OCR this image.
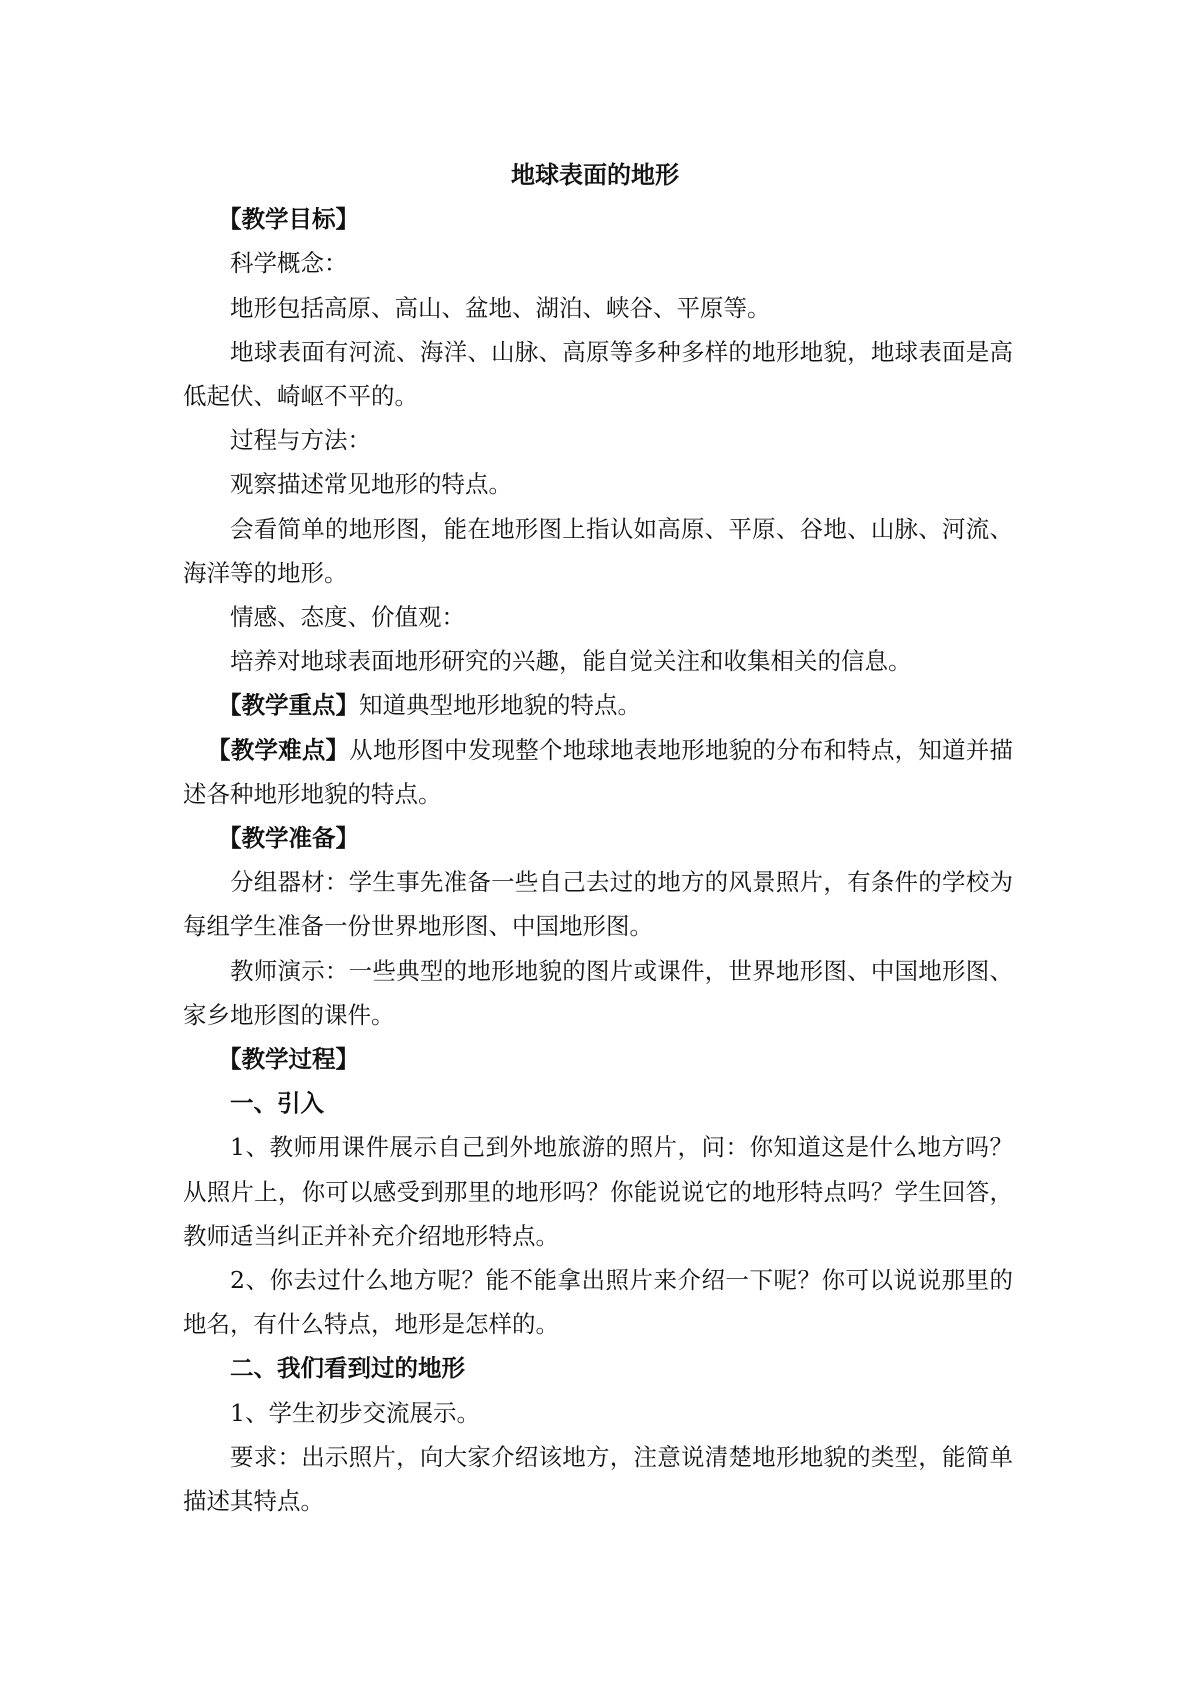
地球表面的地形

【教学目标】

科学概念：

地形包括高原、高山、盆地、湖泊、峡谷、平原等。

地球表面有河流、海洋、山脉、高原等多种多样的地形地貌，地球表面是高低起伏、崎岖不平的。

过程与方法：

观察描述常见地形的特点。

会看简单的地形图，能在地形图上指认如高原、平原、谷地、山脉、河流、海洋等的地形。

情感、态度、价值观：

培养对地球表面地形研究的兴趣，能自觉关注和收集相关的信息。

【教学重点】知道典型地形地貌的特点。

【教学难点】从地形图中发现整个地球地表地形地貌的分布和特点，知道并描述各种地形地貌的特点。

【教学准备】

分组器材：学生事先准备一些自己去过的地方的风景照片，有条件的学校为每组学生准备一份世界地形图、中国地形图。

教师演示：一些典型的地形地貌的图片或课件，世界地形图、中国地形图、家乡地形图的课件。

【教学过程】

一、引入

1、教师用课件展示自己到外地旅游的照片，问：你知道这是什么地方吗？从照片上，你可以感受到那里的地形吗？你能说说它的地形特点吗？学生回答，教师适当纠正并补充介绍地形特点。

2、你去过什么地方呢？能不能拿出照片来介绍一下呢？你可以说说那里的地名，有什么特点，地形是怎样的。

二、我们看到过的地形

1、学生初步交流展示。

要求：出示照片，向大家介绍该地方，注意说清楚地形地貌的类型，能简单描述其特点。
